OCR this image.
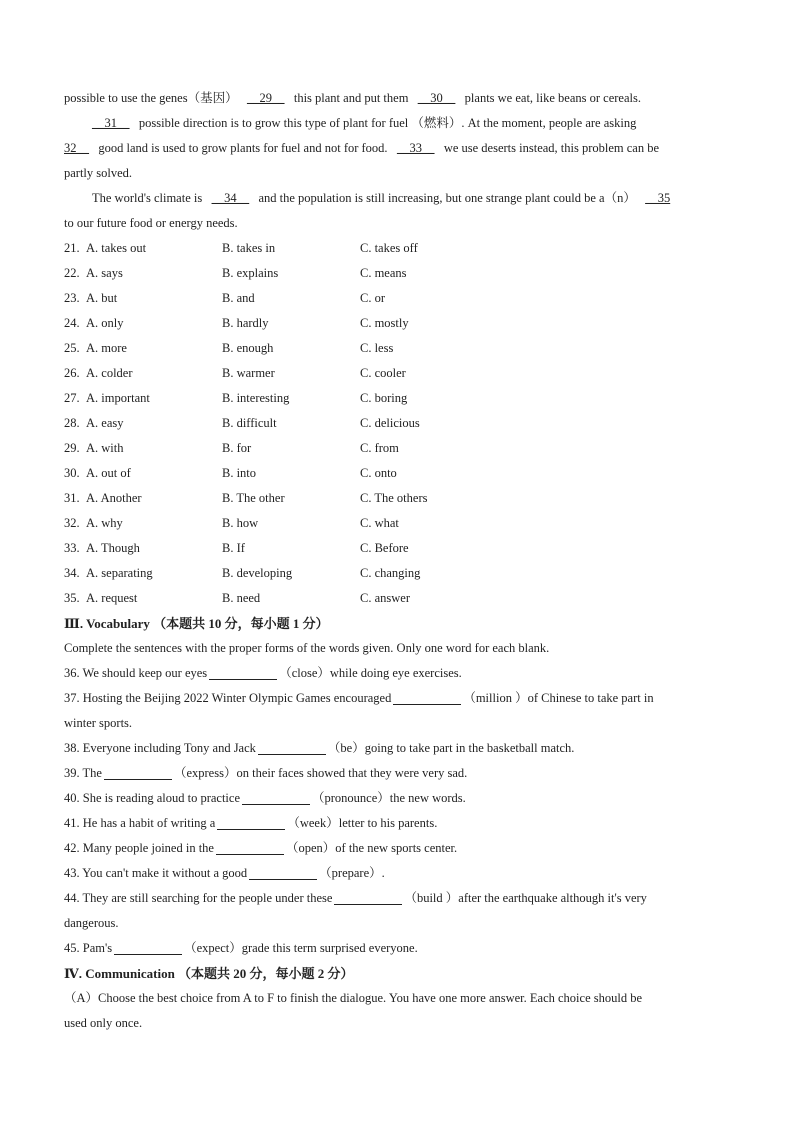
possible to use the genes（基因） __29__ this plant and put them __30__ plants we eat, like beans or cereals.
__31__ possible direction is to grow this type of plant for fuel （燃料）. At the moment, people are asking
32__ good land is used to grow plants for fuel and not for food. __33__ we use deserts instead, this problem can be
partly solved.
The world's climate is __34__ and the population is still increasing, but one strange plant could be a（n） __35
to our future food or energy needs.
21. A. takes out	B. takes in	C. takes off
22. A. says	B. explains	C. means
23. A. but	B. and	C. or
24. A. only	B. hardly	C. mostly
25. A. more	B. enough	C. less
26. A. colder	B. warmer	C. cooler
27. A. important	B. interesting	C. boring
28. A. easy	B. difficult	C. delicious
29. A. with	B. for	C. from
30. A. out of	B. into	C. onto
31. A. Another	B. The other	C. The others
32. A. why	B. how	C. what
33. A. Though	B. If	C. Before
34. A. separating	B. developing	C. changing
35. A. request	B. need	C. answer
Ⅲ. Vocabulary （本题共 10 分，每小题 1 分）
Complete the sentences with the proper forms of the words given. Only one word for each blank.
36. We should keep our eyes	（close）while doing eye exercises.
37. Hosting the Beijing 2022 Winter Olympic Games encouraged	（million ）of Chinese to take part in
winter sports.
38. Everyone including Tony and Jack	（be）going to take part in the basketball match.
39. The	（express）on their faces showed that they were very sad.
40. She is reading aloud to practice	（pronounce）the new words.
41. He has a habit of writing a	（week）letter to his parents.
42. Many people joined in the	（open）of the new sports center.
43. You can't make it without a good	（prepare）.
44. They are still searching for the people under these	（build ）after the earthquake although it's very
dangerous.
45. Pam's	（expect）grade this term surprised everyone.
Ⅳ. Communication （本题共 20 分，每小题 2 分）
（A）Choose the best choice from A to F to finish the dialogue. You have one more answer. Each choice should be
used only once.
